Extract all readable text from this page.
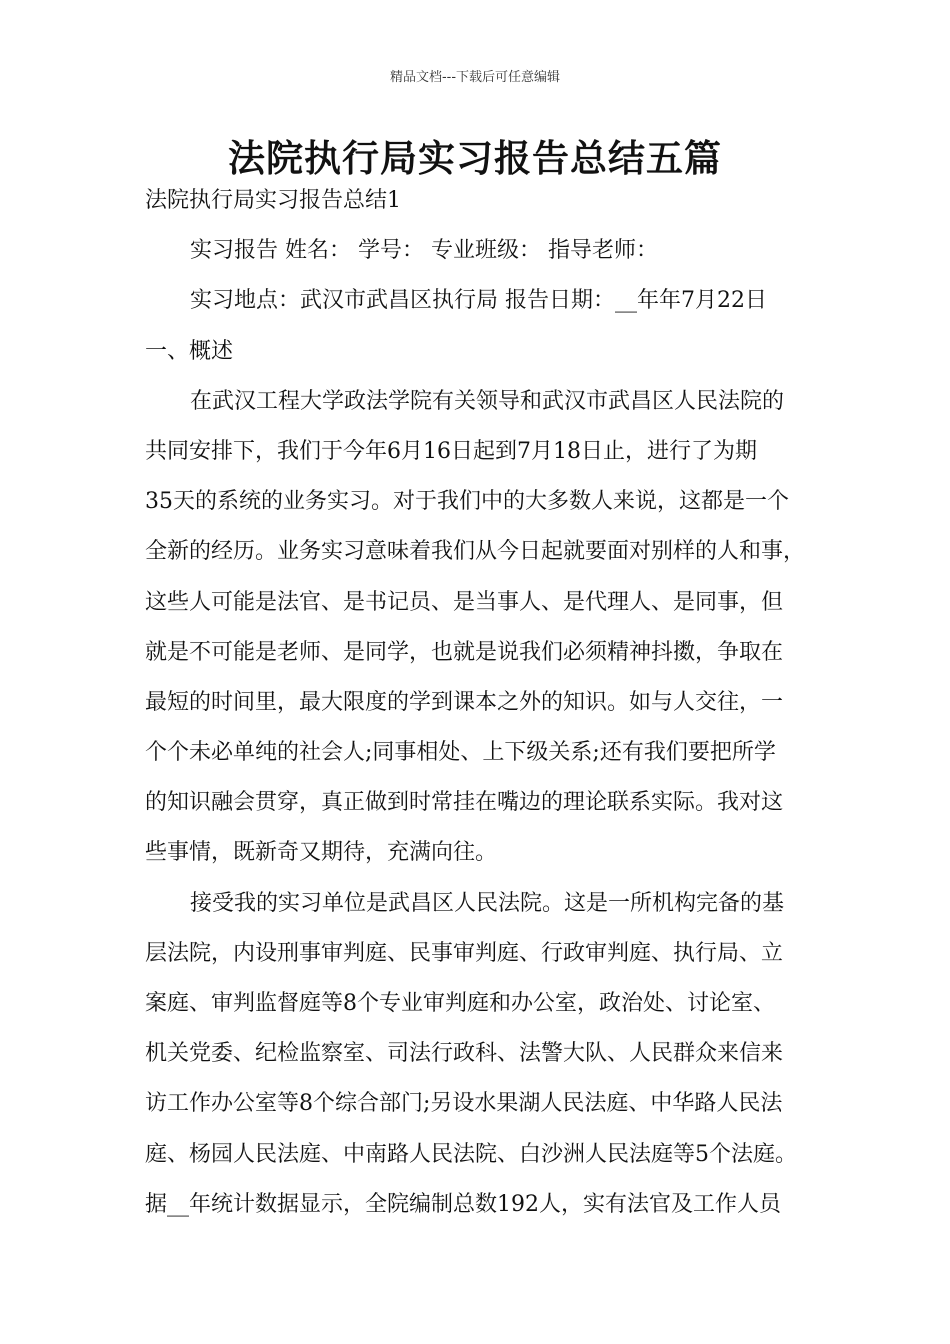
精品文档---下载后可任意编辑
法院执行局实习报告总结五篇
法院执行局实习报告总结1
实习报告 姓名： 学号： 专业班级： 指导老师：
实习地点：武汉市武昌区执行局 报告日期：__年年7月22日
一、概述
在武汉工程大学政法学院有关领导和武汉市武昌区人民法院的
共同安排下，我们于今年6月16日起到7月18日止，进行了为期
35天的系统的业务实习。对于我们中的大多数人来说，这都是一个
全新的经历。业务实习意味着我们从今日起就要面对别样的人和事，
这些人可能是法官、是书记员、是当事人、是代理人、是同事，但
就是不可能是老师、是同学，也就是说我们必须精神抖擞，争取在
最短的时间里，最大限度的学到课本之外的知识。如与人交往，一
个个未必单纯的社会人;同事相处、上下级关系;还有我们要把所学
的知识融会贯穿，真正做到时常挂在嘴边的理论联系实际。我对这
些事情，既新奇又期待，充满向往。
接受我的实习单位是武昌区人民法院。这是一所机构完备的基
层法院，内设刑事审判庭、民事审判庭、行政审判庭、执行局、立
案庭、审判监督庭等8个专业审判庭和办公室，政治处、讨论室、
机关党委、纪检监察室、司法行政科、法警大队、人民群众来信来
访工作办公室等8个综合部门;另设水果湖人民法庭、中华路人民法
庭、杨园人民法庭、中南路人民法院、白沙洲人民法庭等5个法庭。
据__年统计数据显示，全院编制总数192人，实有法官及工作人员
